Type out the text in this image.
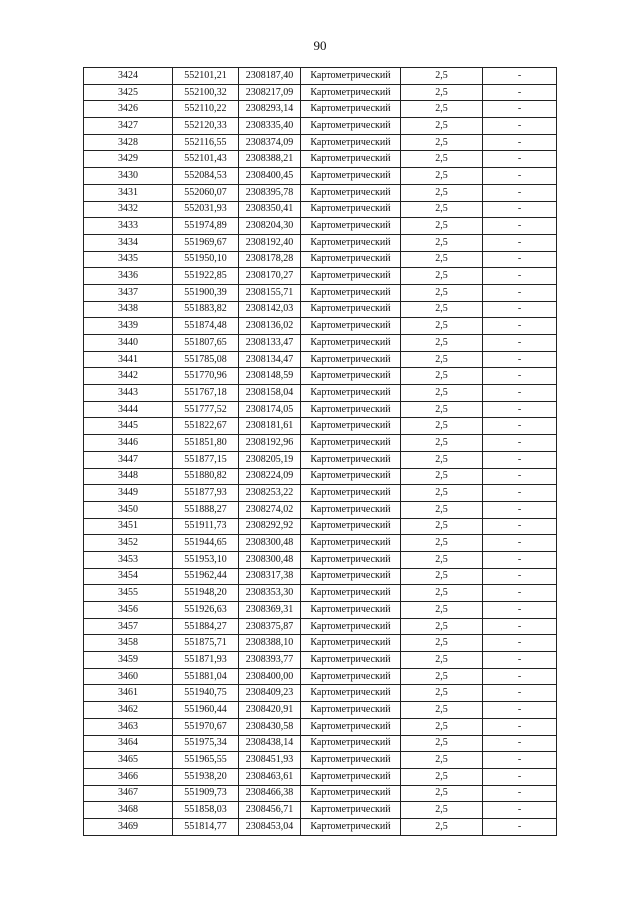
90
3424	552101,21	2308187,40	Картометрический	2,5	-
3425	552100,32	2308217,09	Картометрический	2,5	-
3426	552110,22	2308293,14	Картометрический	2,5	-
3427	552120,33	2308335,40	Картометрический	2,5	-
3428	552116,55	2308374,09	Картометрический	2,5	-
3429	552101,43	2308388,21	Картометрический	2,5	-
3430	552084,53	2308400,45	Картометрический	2,5	-
3431	552060,07	2308395,78	Картометрический	2,5	-
3432	552031,93	2308350,41	Картометрический	2,5	-
3433	551974,89	2308204,30	Картометрический	2,5	-
3434	551969,67	2308192,40	Картометрический	2,5	-
3435	551950,10	2308178,28	Картометрический	2,5	-
3436	551922,85	2308170,27	Картометрический	2,5	-
3437	551900,39	2308155,71	Картометрический	2,5	-
3438	551883,82	2308142,03	Картометрический	2,5	-
3439	551874,48	2308136,02	Картометрический	2,5	-
3440	551807,65	2308133,47	Картометрический	2,5	-
3441	551785,08	2308134,47	Картометрический	2,5	-
3442	551770,96	2308148,59	Картометрический	2,5	-
3443	551767,18	2308158,04	Картометрический	2,5	-
3444	551777,52	2308174,05	Картометрический	2,5	-
3445	551822,67	2308181,61	Картометрический	2,5	-
3446	551851,80	2308192,96	Картометрический	2,5	-
3447	551877,15	2308205,19	Картометрический	2,5	-
3448	551880,82	2308224,09	Картометрический	2,5	-
3449	551877,93	2308253,22	Картометрический	2,5	-
3450	551888,27	2308274,02	Картометрический	2,5	-
3451	551911,73	2308292,92	Картометрический	2,5	-
3452	551944,65	2308300,48	Картометрический	2,5	-
3453	551953,10	2308300,48	Картометрический	2,5	-
3454	551962,44	2308317,38	Картометрический	2,5	-
3455	551948,20	2308353,30	Картометрический	2,5	-
3456	551926,63	2308369,31	Картометрический	2,5	-
3457	551884,27	2308375,87	Картометрический	2,5	-
3458	551875,71	2308388,10	Картометрический	2,5	-
3459	551871,93	2308393,77	Картометрический	2,5	-
3460	551881,04	2308400,00	Картометрический	2,5	-
3461	551940,75	2308409,23	Картометрический	2,5	-
3462	551960,44	2308420,91	Картометрический	2,5	-
3463	551970,67	2308430,58	Картометрический	2,5	-
3464	551975,34	2308438,14	Картометрический	2,5	-
3465	551965,55	2308451,93	Картометрический	2,5	-
3466	551938,20	2308463,61	Картометрический	2,5	-
3467	551909,73	2308466,38	Картометрический	2,5	-
3468	551858,03	2308456,71	Картометрический	2,5	-
3469	551814,77	2308453,04	Картометрический	2,5	-
